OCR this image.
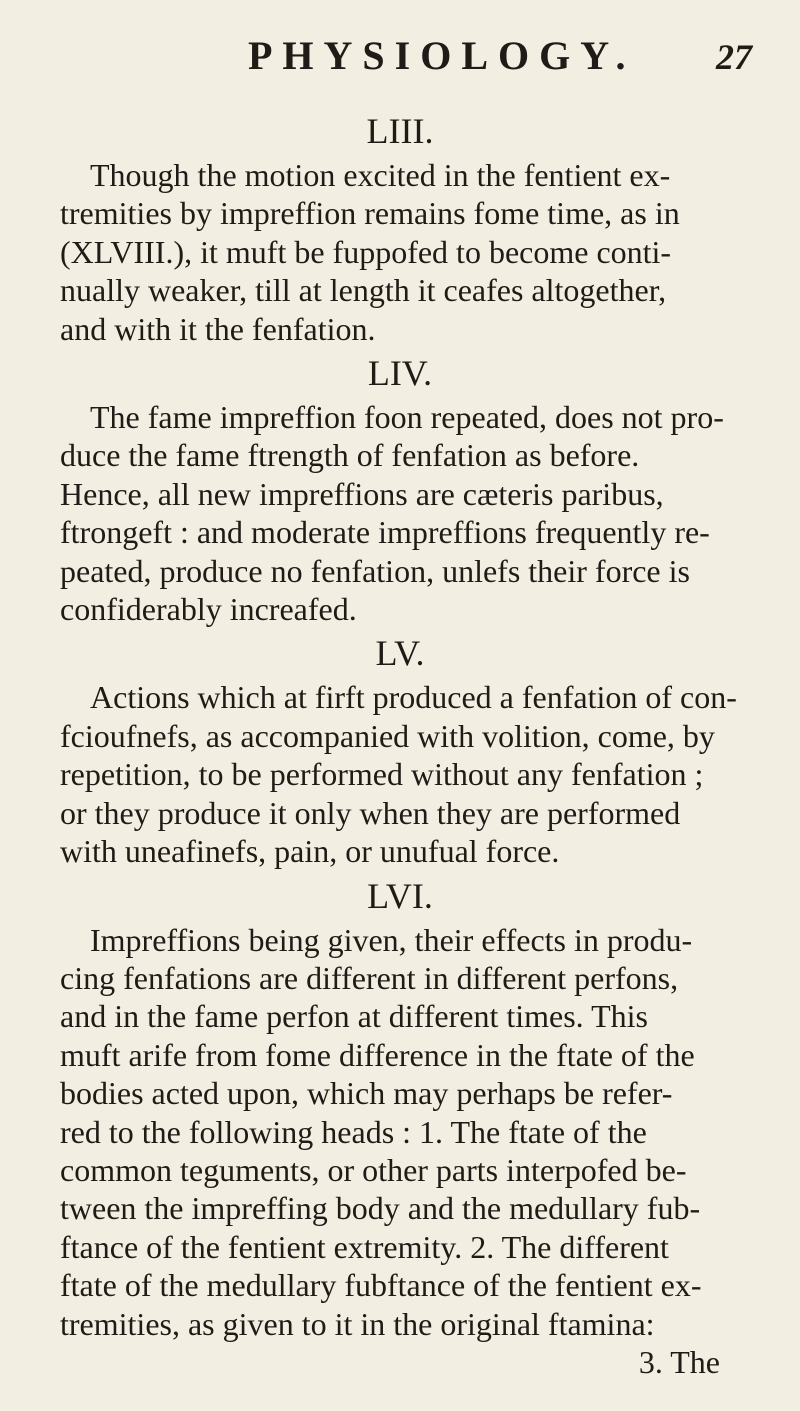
PHYSIOLOGY. 27
LIII.

Though the motion excited in the fentient ex-
tremities by impreffion remains fome time, as in
(XLVIII.), it muft be fuppofed to become conti-
nually weaker, till at length it ceafes altogether,
and with it the fenfation.

LIV.

The fame impreffion foon repeated, does not pro-
duce the fame ftrength of fenfation as before.
Hence, all new impreffions are cæteris paribus,
ftrongeft : and moderate impreffions frequently re-
peated, produce no fenfation, unlefs their force is
confiderably increafed.

LV.

Actions which at firft produced a fenfation of con-
fcioufnefs, as accompanied with volition, come, by
repetition, to be performed without any fenfation ;
or they produce it only when they are performed
with uneafinefs, pain, or unufual force.

LVI.

Impreffions being given, their effects in produ-
cing fenfations are different in different perfons,
and in the fame perfon at different times. This
muft arife from fome difference in the ftate of the
bodies acted upon, which may perhaps be refer-
red to the following heads : 1. The ftate of the
common teguments, or other parts interpofed be-
tween the impreffing body and the medullary fub-
ftance of the fentient extremity. 2. The different
ftate of the medullary fubftance of the fentient ex-
tremities, as given to it in the original ftamina:

3. The
